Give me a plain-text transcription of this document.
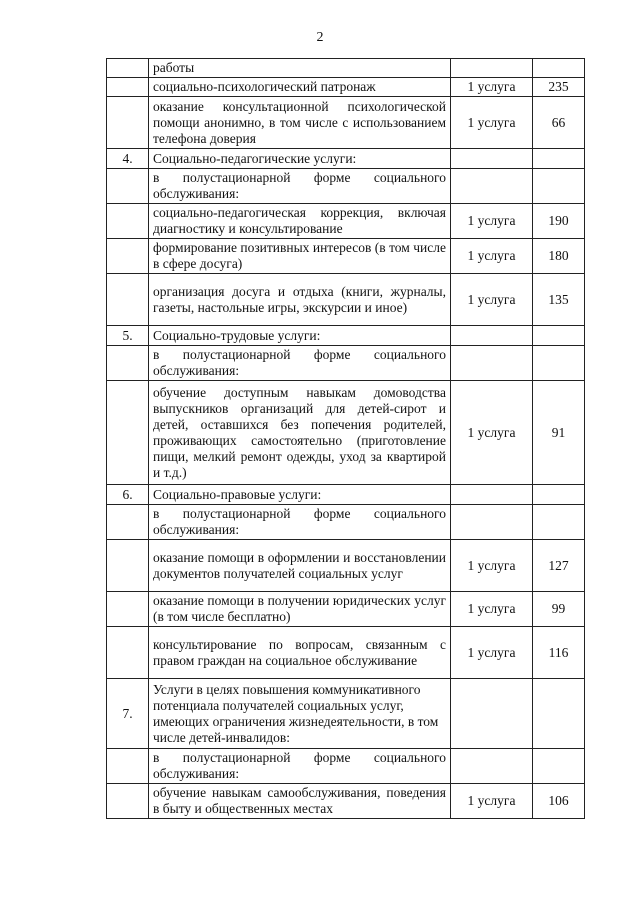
2
	работы		
	социально-психологический патронаж	1 услуга	235
	оказание консультационной психологической помощи анонимно, в том числе с использованием телефона доверия	1 услуга	66
4.	Социально-педагогические услуги:		
	в полустационарной форме социального обслуживания:		
	социально-педагогическая коррекция, включая диагностику и консультирование	1 услуга	190
	формирование позитивных интересов (в том числе в сфере досуга)	1 услуга	180
	организация досуга и отдыха (книги, журналы, газеты, настольные игры, экскурсии и иное)	1 услуга	135
5.	Социально-трудовые услуги:		
	в полустационарной форме социального обслуживания:		
	обучение доступным навыкам домоводства выпускников организаций для детей-сирот и детей, оставшихся без попечения родителей, проживающих самостоятельно (приготовление пищи, мелкий ремонт одежды, уход за квартирой и т.д.)	1 услуга	91
6.	Социально-правовые услуги:		
	в полустационарной форме социального обслуживания:		
	оказание помощи в оформлении и восстановлении документов получателей социальных услуг	1 услуга	127
	оказание помощи в получении юридических услуг (в том числе бесплатно)	1 услуга	99
	консультирование по вопросам, связанным с правом граждан на социальное обслуживание	1 услуга	116
7.	Услуги в целях повышения коммуникативного потенциала получателей социальных услуг, имеющих ограничения жизнедеятельности, в том числе детей-инвалидов:		
	в полустационарной форме социального обслуживания:		
	обучение навыкам самообслуживания, поведения в быту и общественных местах	1 услуга	106
